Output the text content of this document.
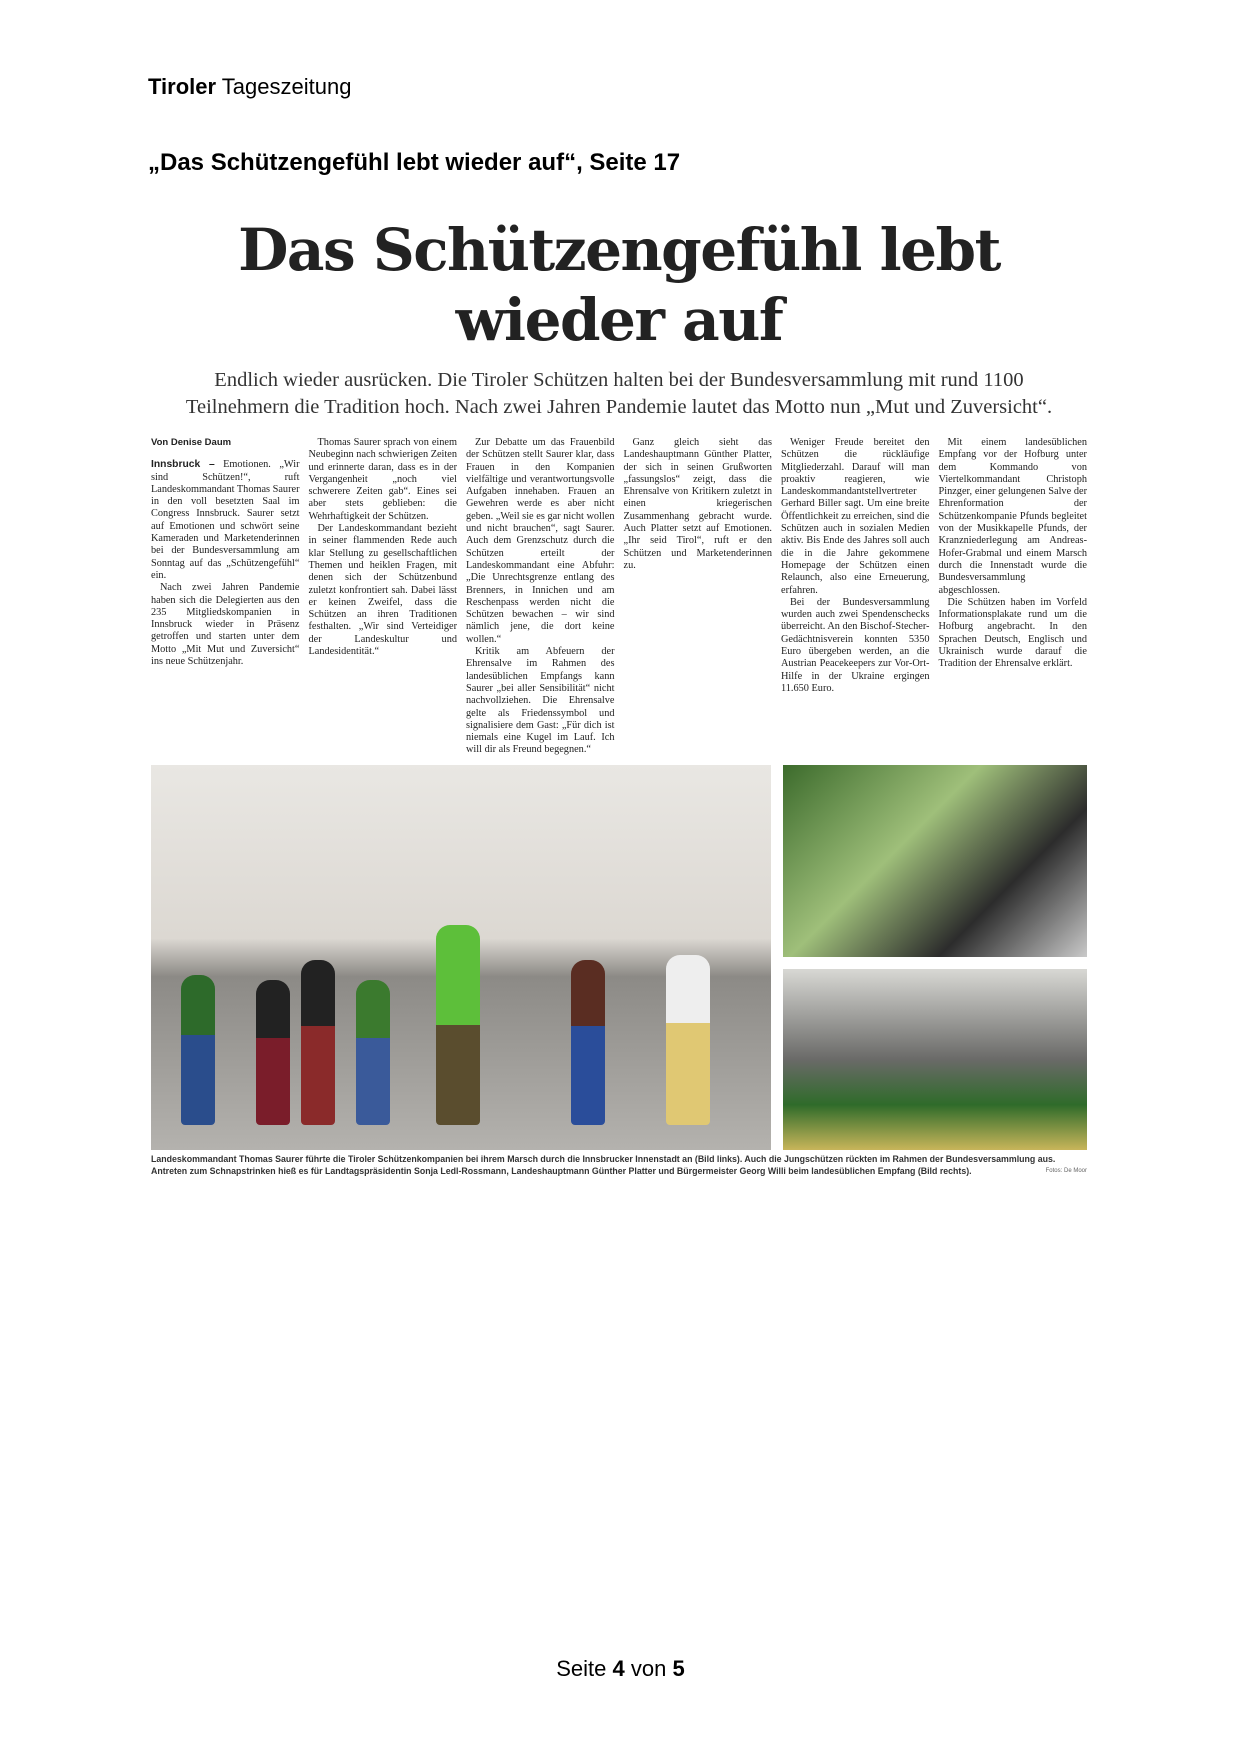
Tiroler Tageszeitung
„Das Schützengefühl lebt wieder auf“, Seite 17
Das Schützengefühl lebt wieder auf
Endlich wieder ausrücken. Die Tiroler Schützen halten bei der Bundesversammlung mit rund 1100
Teilnehmern die Tradition hoch. Nach zwei Jahren Pandemie lautet das Motto nun „Mut und Zuversicht“.
Von Denise Daum

Innsbruck – Emotionen. „Wir sind Schützen!“, ruft Landeskommandant Thomas Saurer in den voll besetzten Saal im Congress Innsbruck. Saurer setzt auf Emotionen und schwört seine Kameraden und Marketenderinnen bei der Bundesversammlung am Sonntag auf das „Schützengefühl“ ein.

Nach zwei Jahren Pandemie haben sich die Delegierten aus den 235 Mitgliedskompanien in Innsbruck wieder in Präsenz getroffen und starten unter dem Motto „Mit Mut und Zuversicht“ ins neue Schützenjahr.

Thomas Saurer sprach von einem Neubeginn nach schwierigen Zeiten und erinnerte daran, dass es in der Vergangenheit „noch viel schwerere Zeiten gab“. Eines sei aber stets geblieben: die Wehrhaftigkeit der Schützen.

Der Landeskommandant bezieht in seiner flammenden Rede auch klar Stellung zu gesellschaftlichen Themen und heiklen Fragen, mit denen sich der Schützenbund zuletzt konfrontiert sah. Dabei lässt er keinen Zweifel, dass die Schützen an ihren Traditionen festhalten. „Wir sind Verteidiger der Landeskultur und Landesidentität.“

Zur Debatte um das Frauenbild der Schützen stellt Saurer klar, dass Frauen in den Kompanien vielfältige und verantwortungsvolle Aufgaben innehaben. Frauen an Gewehren werde es aber nicht geben. „Weil sie es gar nicht wollen und nicht brauchen“, sagt Saurer. Auch dem Grenzschutz durch die Schützen erteilt der Landeskommandant eine Abfuhr: „Die Unrechtsgrenze entlang des Brenners, in Innichen und am Reschenpass werden nicht die Schützen bewachen – wir sind nämlich jene, die dort keine wollen.“

Kritik am Abfeuern der Ehrensalve im Rahmen des landesüblichen Empfangs kann Saurer „bei aller Sensibilität“ nicht nachvollziehen. Die Ehrensalve gelte als Friedenssymbol und signalisiere dem Gast: „Für dich ist niemals eine Kugel im Lauf. Ich will dir als Freund begegnen.“

Ganz gleich sieht das Landeshauptmann Günther Platter, der sich in seinen Grußworten „fassungslos“ zeigt, dass die Ehrensalve von Kritikern zuletzt in einen kriegerischen Zusammenhang gebracht wurde. Auch Platter setzt auf Emotionen. „Ihr seid Tirol“, ruft er den Schützen und Marketenderinnen zu.

Weniger Freude bereitet den Schützen die rückläufige Mitgliederzahl. Darauf will man proaktiv reagieren, wie Landeskommandantstellvertreter Gerhard Biller sagt. Um eine breite Öffentlichkeit zu erreichen, sind die Schützen auch in sozialen Medien aktiv. Bis Ende des Jahres soll auch die in die Jahre gekommene Homepage der Schützen einen Relaunch, also eine Erneuerung, erfahren.

Bei der Bundesversammlung wurden auch zwei Spendenschecks überreicht. An den Bischof-Stecher-Gedächtnisverein konnten 5350 Euro übergeben werden, an die Austrian Peacekeepers zur Vor-Ort-Hilfe in der Ukraine ergingen 11.650 Euro.

Mit einem landesüblichen Empfang vor der Hofburg unter dem Kommando von Viertelkommandant Christoph Pinzger, einer gelungenen Salve der Ehrenformation der Schützenkompanie Pfunds begleitet von der Musikkapelle Pfunds, der Kranzniederlegung am Andreas-Hofer-Grabmal und einem Marsch durch die Innenstadt wurde die Bundesversammlung abgeschlossen.

Die Schützen haben im Vorfeld Informationsplakate rund um die Hofburg angebracht. In den Sprachen Deutsch, Englisch und Ukrainisch wurde darauf die Tradition der Ehrensalve erklärt.

Landeskommandant Thomas Saurer führte die Tiroler Schützenkompanien bei ihrem Marsch durch die Innsbrucker Innenstadt an (Bild links). Auch die Jungschützen rückten im Rahmen der Bundesversammlung aus. Antreten zum Schnapstrinken hieß es für Landtagspräsidentin Sonja Ledl-Rossmann, Landeshauptmann Günther Platter und Bürgermeister Georg Willi beim landesüblichen Empfang (Bild rechts).	Fotos: De Moor
Seite 4 von 5
